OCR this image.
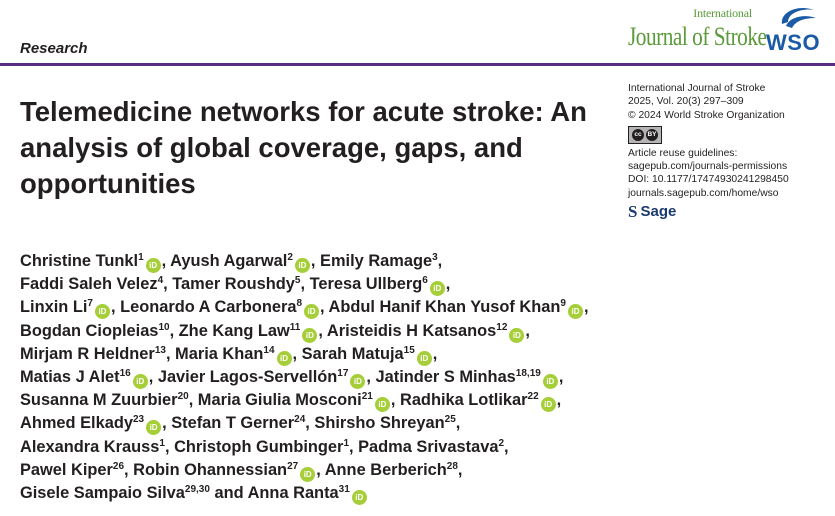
Research
International
Journal of Stroke WSO
Telemedicine networks for acute stroke: An analysis of global coverage, gaps, and opportunities
International Journal of Stroke
2025, Vol. 20(3) 297–309
© 2024 World Stroke Organization
cc BY
Article reuse guidelines:
sagepub.com/journals-permissions
DOI: 10.1177/17474930241298450
journals.sagepub.com/home/wso
S Sage
Christine Tunkl$^1$ iD , Ayush Agarwal$^2$ iD , Emily Ramage$^3$,
Faddi Saleh Velez$^4$, Tamer Roushdy$^5$, Teresa Ullberg$^6$ iD ,
Linxin Li$^7$ iD , Leonardo A Carbonera$^8$ iD , Abdul Hanif Khan Yusof Khan$^9$ iD ,
Bogdan Ciopleias$^{10}$, Zhe Kang Law$^{11}$ iD , Aristeidis H Katsanos$^{12}$ iD ,
Mirjam R Heldner$^{13}$, Maria Khan$^{14}$ iD , Sarah Matuja$^{15}$ iD ,
Matias J Alet$^{16}$ iD , Javier Lagos-Servellón$^{17}$ iD , Jatinder S Minhas$^{18,19}$ iD ,
Susanna M Zuurbier$^{20}$, Maria Giulia Mosconi$^{21}$ iD , Radhika Lotlikar$^{22}$ iD ,
Ahmed Elkady$^{23}$ iD , Stefan T Gerner$^{24}$, Shirsho Shreyan$^{25}$,
Alexandra Krauss$^1$, Christoph Gumbinger$^1$, Padma Srivastava$^2$,
Pawel Kiper$^{26}$, Robin Ohannessian$^{27}$ iD , Anne Berberich$^{28}$,
Gisele Sampaio Silva$^{29,30}$ and Anna Ranta$^{31}$iD
